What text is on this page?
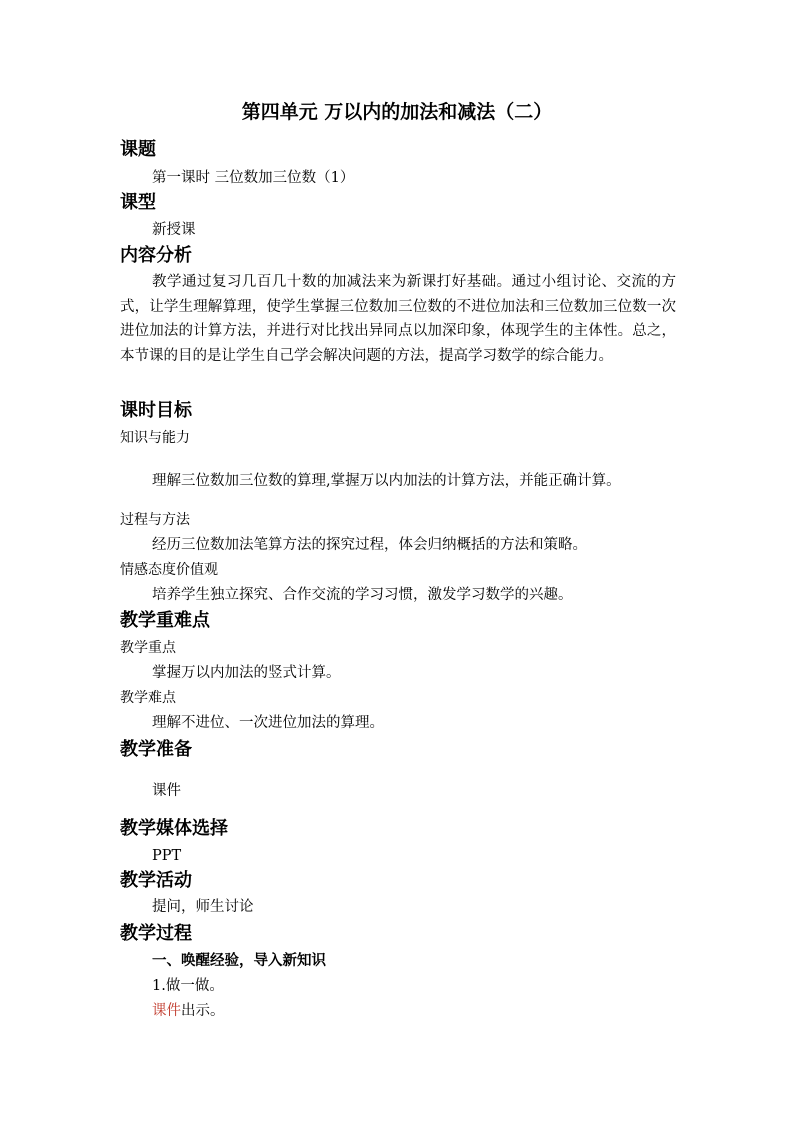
第四单元 万以内的加法和减法（二）
课题

第一课时 三位数加三位数（1）

课型

新授课

内容分析

教学通过复习几百几十数的加减法来为新课打好基础。通过小组讨论、交流的方式，让学生理解算理，使学生掌握三位数加三位数的不进位加法和三位数加三位数一次进位加法的计算方法，并进行对比找出异同点以加深印象，体现学生的主体性。总之，本节课的目的是让学生自己学会解决问题的方法，提高学习数学的综合能力。

课时目标

知识与能力

理解三位数加三位数的算理,掌握万以内加法的计算方法，并能正确计算。

过程与方法

经历三位数加法笔算方法的探究过程，体会归纳概括的方法和策略。

情感态度价值观

培养学生独立探究、合作交流的学习习惯，激发学习数学的兴趣。

教学重难点

教学重点

掌握万以内加法的竖式计算。

教学难点

理解不进位、一次进位加法的算理。

教学准备

课件

教学媒体选择

PPT

教学活动

提问，师生讨论

教学过程

一、唤醒经验，导入新知识

1.做一做。

课件出示。
